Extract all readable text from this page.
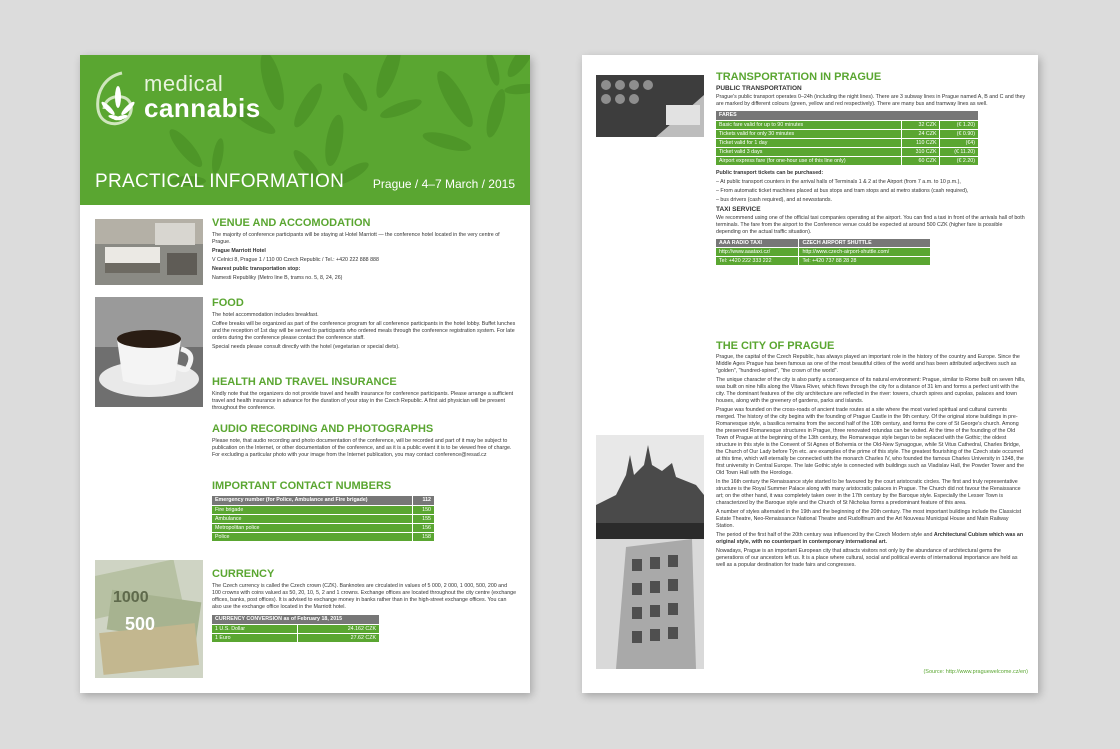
medical
cannabis
PRACTICAL INFORMATION Prague / 4–7 March / 2015
1000
500
VENUE AND ACCOMODATION

The majority of conference participants will be staying at Hotel Marriott — the conference hotel located in the very centre of Prague.

Prague Marriott Hotel

V Celnici 8, Prague 1 / 110 00 Czech Republic / Tel.: +420 222 888 888

Nearest public transportation stop:

Namesti Republiky (Metro line B, trams no. 5, 8, 24, 26)

FOOD

The hotel accommodation includes breakfast.

Coffee breaks will be organized as part of the conference program for all conference participants in the hotel lobby. Buffet lunches and the reception of 1st day will be served to participants who ordered meals through the conference registration system. For late orders during the conference please contact the conference staff.

Special needs please consult directly with the hotel (vegetarian or special diets).

HEALTH AND TRAVEL INSURANCE

Kindly note that the organizers do not provide travel and health insurance for conference participants. Please arrange a sufficient travel and health insurance in advance for the duration of your stay in the Czech Republic. A first aid physician will be present throughout the conference.

AUDIO RECORDING AND PHOTOGRAPHS

Please note, that audio recording and photo documentation of the conference, will be recorded and part of it may be subject to publication on the Internet, or other documentation of the conference, and as it is a public event it is to be viewed free of charge. For excluding a particular photo with your image from the Internet publication, you may contact conference@resad.cz

IMPORTANT CONTACT NUMBERS
Emergency number (for Police, Ambulance and Fire brigade)	112
Fire brigade	150
Ambulance	155
Metropolitan police	156
Police	158
CURRENCY

The Czech currency is called the Czech crown (CZK). Banknotes are circulated in values of 5 000, 2 000, 1 000, 500, 200 and 100 crowns with coins valued as 50, 20, 10, 5, 2 and 1 crowns. Exchange offices are located throughout the city centre (exchange offices, banks, post offices). It is advised to exchange money in banks rather than in the high-street exchange offices. You can also use the exchange office located in the Marriott hotel.

CURRENCY CONVERSION as of February 18, 2015	
1 U.S. Dollar	24.162 CZK
1 Euro	27.62 CZK
TRANSPORTATION IN PRAGUE
PUBLIC TRANSPORTATION

Prague's public transport operates 0–24h (including the night lines). There are 3 subway lines in Prague named A, B and C and they are marked by different colours (green, yellow and red respectively). There are many bus and tramway lines as well.

FARES		
Basic fare valid for up to 90 minutes	32 CZK	(€ 1.20)
Tickets valid for only 30 minutes	24 CZK	(€ 0.90)
Ticket valid for 1 day	110 CZK	(€4)
Ticket valid 3 days	310 CZK	(€ 11.20)
Airport express fare (for one-hour use of this line only)	60 CZK	(€ 2.20)

Public transport tickets can be purchased:

– At public transport counters in the arrival halls of Terminals 1 & 2 at the Airport (from 7 a.m. to 10 p.m.),

– From automatic ticket machines placed at bus stops and tram stops and at metro stations (cash required),

– bus drivers (cash required), and at newsstands.

TAXI SERVICE

We recommend using one of the official taxi companies operating at the airport. You can find a taxi in front of the arrivals hall of both terminals. The fare from the airport to the Conference venue could be expected at around 500 CZK (higher fare is possible depending on the actual traffic situation).

AAA RADIO TAXI	CZECH AIRPORT SHUTTLE
http://www.aaataxi.cz/	http://www.czech-airport-shuttle.com/
Tel: +420 222 333 222	Tel: +420 737 88 28 28
THE CITY OF PRAGUE

Prague, the capital of the Czech Republic, has always played an important role in the history of the country and Europe. Since the Middle Ages Prague has been famous as one of the most beautiful cities of the world and has been attributed adjectives such as "golden", "hundred-spired", "the crown of the world".

The unique character of the city is also partly a consequence of its natural environment: Prague, similar to Rome built on seven hills, was built on nine hills along the Vltava River, which flows through the city for a distance of 31 km and forms a perfect unit with the city. The dominant features of the city architecture are reflected in the river: towers, church spires and cupolas, palaces and town houses, along with the greenery of gardens, parks and islands.

Prague was founded on the cross-roads of ancient trade routes at a site where the most varied spiritual and cultural currents merged. The history of the city begins with the founding of Prague Castle in the 9th century. Of the original stone buildings in pre-Romanesque style, a basilica remains from the second half of the 10th century, and forms the core of St George's church. Among the preserved Romanesque structures in Prague, three renovated rotundas can be visited. At the time of the founding of the Old Town of Prague at the beginning of the 13th century, the Romanesque style began to be replaced with the Gothic; the oldest structure in this style is the Convent of St Agnes of Bohemia or the Old-New Synagogue, while St Vitus Cathedral, Charles Bridge, the Church of Our Lady before Týn etc. are examples of the prime of this style. The greatest flourishing of the Czech state occurred at this time, which will eternally be connected with the monarch Charles IV, who founded the famous Charles University in 1348, the first university in Central Europe. The late Gothic style is connected with buildings such as Vladislav Hall, the Powder Tower and the Old Town Hall with the Horologe.

In the 16th century the Renaissance style started to be favoured by the court aristocratic circles. The first and truly representative structure is the Royal Summer Palace along with many aristocratic palaces in Prague. The Church did not favour the Renaissance art; on the other hand, it was completely taken over in the 17th century by the Baroque style. Especially the Lesser Town is characterized by the Baroque style and the Church of St Nicholas forms a predominant feature of this area.

A number of styles alternated in the 19th and the beginning of the 20th century. The most important buildings include the Classicist Estate Theatre, Neo-Renaissance National Theatre and Rudolfinum and the Art Nouveau Municipal House and Main Railway Station.

The period of the first half of the 20th century was influenced by the Czech Modern style and Architectural Cubism which was an original style, with no counterpart in contemporary international art.

Nowadays, Prague is an important European city that attracts visitors not only by the abundance of architectural gems the generations of our ancestors left us. It is a place where cultural, social and political events of international importance are held as well as a popular destination for trade fairs and congresses.

(Source: http://www.praguewelcome.cz/en)
